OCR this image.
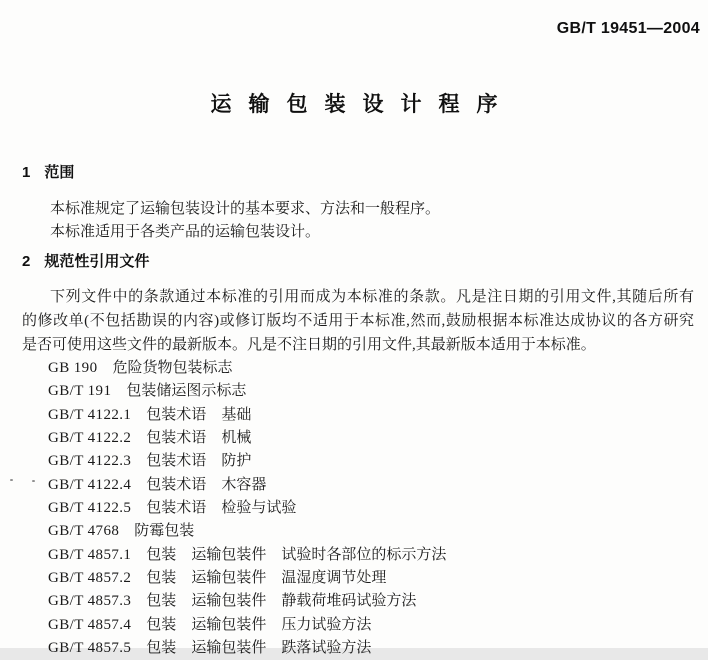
GB/T 19451—2004
运输包装设计程序
1 范围
本标准规定了运输包装设计的基本要求、方法和一般程序。
本标准适用于各类产品的运输包装设计。
2 规范性引用文件
下列文件中的条款通过本标准的引用而成为本标准的条款。凡是注日期的引用文件,其随后所有
的修改单(不包括勘误的内容)或修订版均不适用于本标准,然而,鼓励根据本标准达成协议的各方研究
是否可使用这些文件的最新版本。凡是不注日期的引用文件,其最新版本适用于本标准。
GB 190 危险货物包装标志
GB/T 191 包装储运图示标志
GB/T 4122.1 包装术语 基础
GB/T 4122.2 包装术语 机械
GB/T 4122.3 包装术语 防护
GB/T 4122.4 包装术语 木容器
GB/T 4122.5 包装术语 检验与试验
GB/T 4768 防霉包装
GB/T 4857.1 包装 运输包装件 试验时各部位的标示方法
GB/T 4857.2 包装 运输包装件 温湿度调节处理
GB/T 4857.3 包装 运输包装件 静载荷堆码试验方法
GB/T 4857.4 包装 运输包装件 压力试验方法
GB/T 4857.5 包装 运输包装件 跌落试验方法
